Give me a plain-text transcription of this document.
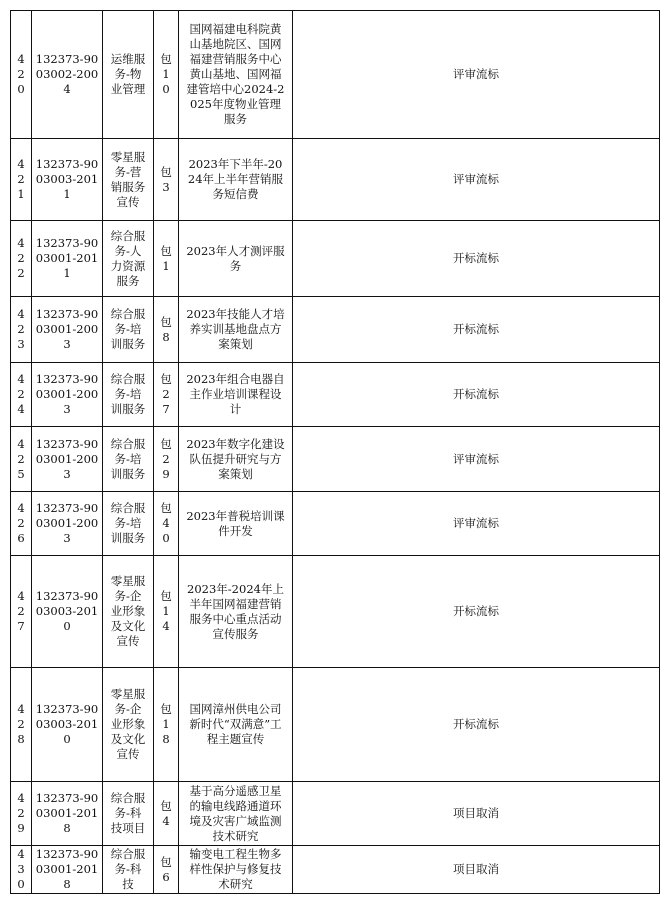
420	132373-9003002-2004	运维服务-物业管理	包10	国网福建电科院黄山基地院区、国网福建营销服务中心黄山基地、国网福建管培中心2024-2025年度物业管理服务	评审流标
421	132373-9003003-2011	零星服务-营销服务宣传	包3	2023年下半年-2024年上半年营销服务短信费	评审流标
422	132373-9003001-2011	综合服务-人力资源服务	包1	2023年人才测评服务	开标流标
423	132373-9003001-2003	综合服务-培训服务	包8	2023年技能人才培养实训基地盘点方案策划	开标流标
424	132373-9003001-2003	综合服务-培训服务	包27	2023年组合电器自主作业培训课程设计	开标流标
425	132373-9003001-2003	综合服务-培训服务	包29	2023年数字化建设队伍提升研究与方案策划	评审流标
426	132373-9003001-2003	综合服务-培训服务	包40	2023年普税培训课件开发	评审流标
427	132373-9003003-2010	零星服务-企业形象及文化宣传	包14	2023年-2024年上半年国网福建营销服务中心重点活动宣传服务	开标流标
428	132373-9003003-2010	零星服务-企业形象及文化宣传	包18	国网漳州供电公司新时代“双满意”工程主题宣传	开标流标
429	132373-9003001-2018	综合服务-科技项目	包4	基于高分遥感卫星的输电线路通道环境及灾害广域监测技术研究	项目取消
430	132373-9003001-2018	综合服务-科技	包6	输变电工程生物多样性保护与修复技术研究	项目取消
